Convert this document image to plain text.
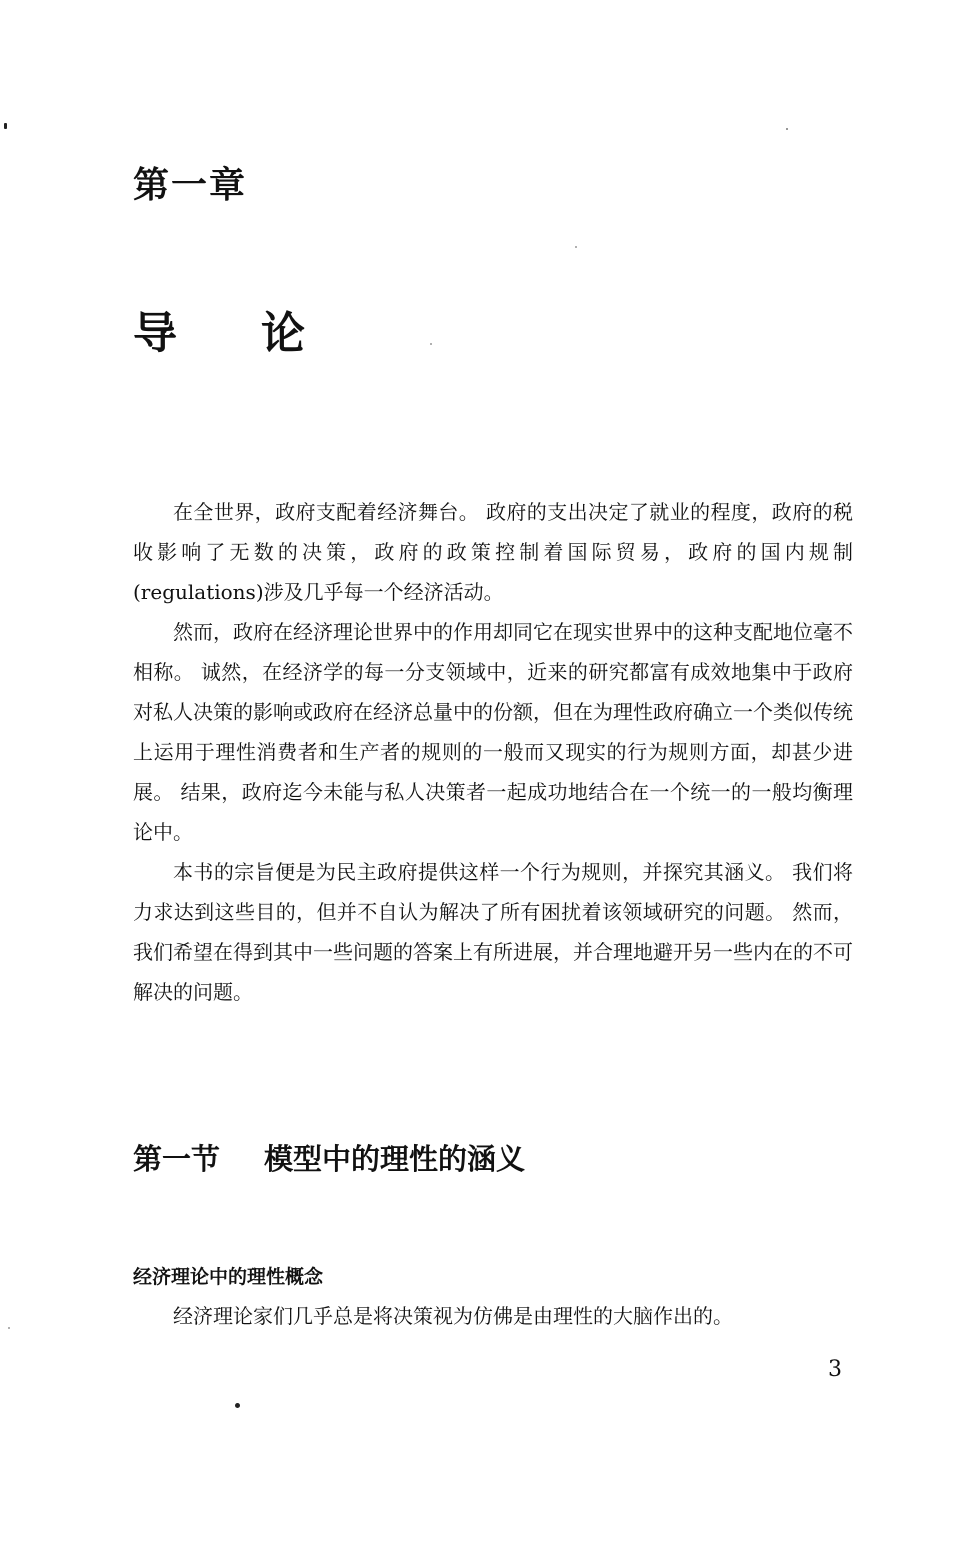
第一章
导论

在全世界，政府支配着经济舞台。 政府的支出决定了就业的程度，政府的税收影响了无数的决策，政府的政策控制着国际贸易，政府的国内规制(regulations)涉及几乎每一个经济活动。

然而，政府在经济理论世界中的作用却同它在现实世界中的这种支配地位毫不相称。 诚然，在经济学的每一分支领域中，近来的研究都富有成效地集中于政府对私人决策的影响或政府在经济总量中的份额，但在为理性政府确立一个类似传统上运用于理性消费者和生产者的规则的一般而又现实的行为规则方面，却甚少进展。 结果，政府迄今未能与私人决策者一起成功地结合在一个统一的一般均衡理论中。

本书的宗旨便是为民主政府提供这样一个行为规则，并探究其涵义。 我们将力求达到这些目的，但并不自认为解决了所有困扰着该领域研究的问题。 然而，我们希望在得到其中一些问题的答案上有所进展，并合理地避开另一些内在的不可解决的问题。

第一节 模型中的理性的涵义
经济理论中的理性概念

经济理论家们几乎总是将决策视为仿佛是由理性的大脑作出的。

3
